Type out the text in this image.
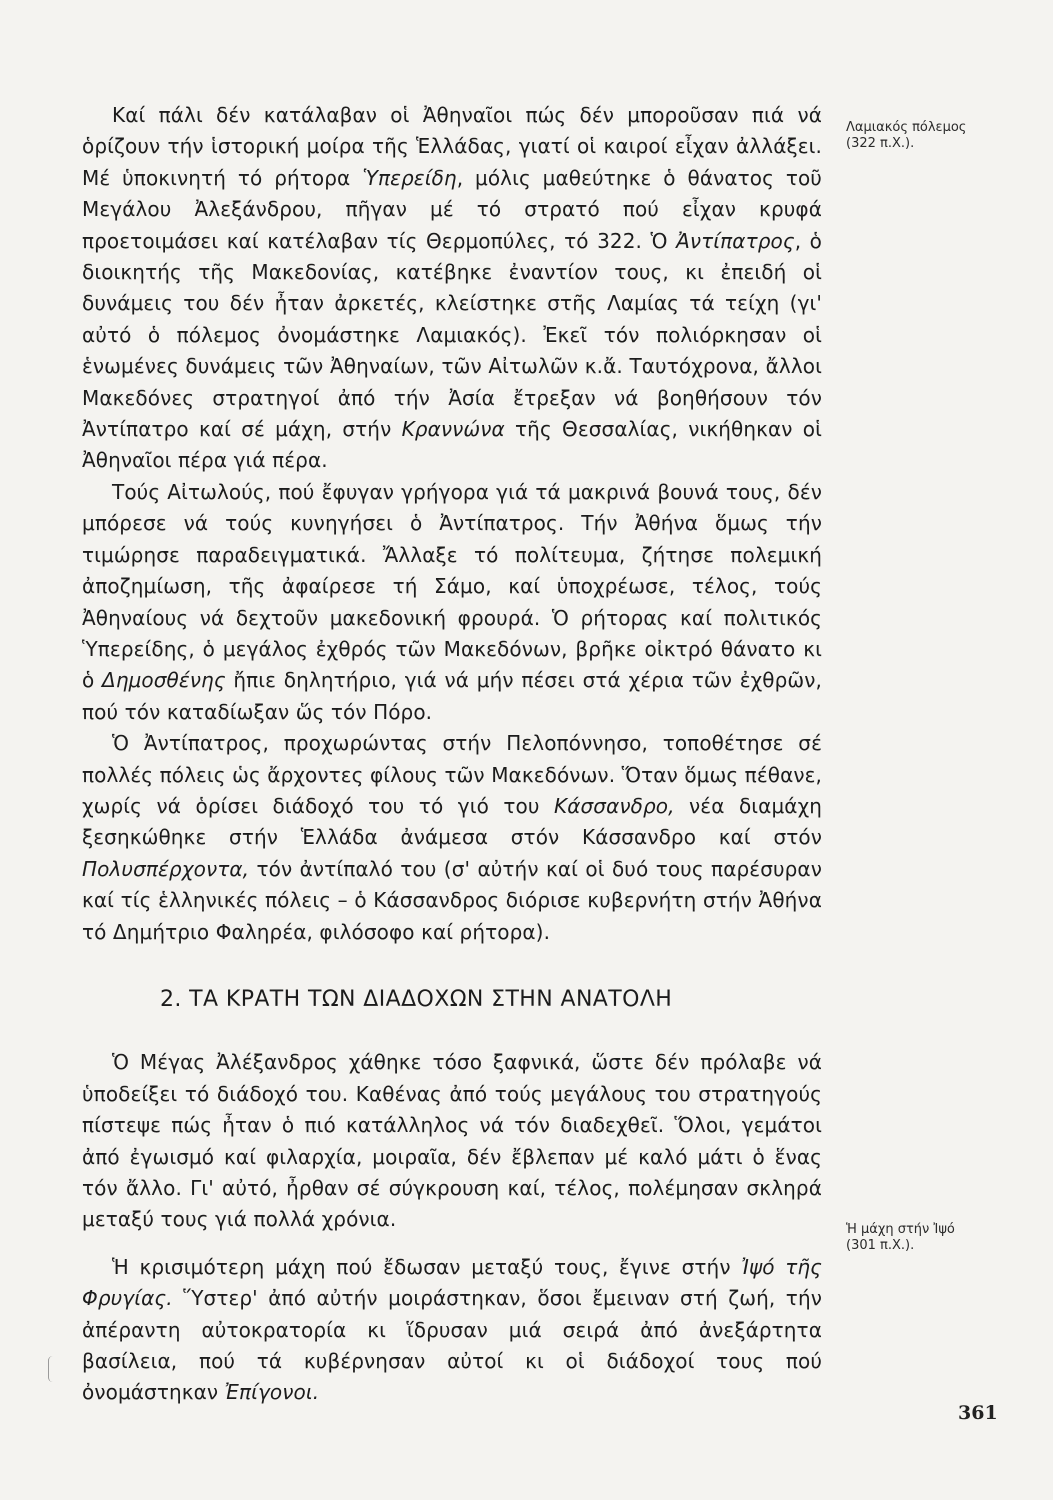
Καί πάλι δέν κατάλαβαν οἱ Ἀθηναῖοι πώς δέν μποροῦσαν πιά νά ὁρίζουν τήν ἱστορική μοίρα τῆς Ἑλλάδας, γιατί οἱ καιροί εἶχαν ἀλλάξει. Μέ ὑποκινητή τό ρήτορα Ὑπερείδη, μόλις μαθεύτηκε ὁ θάνατος τοῦ Μεγάλου Ἀλεξάνδρου, πῆγαν μέ τό στρατό πού εἶχαν κρυφά προετοιμάσει καί κατέλαβαν τίς Θερμοπύλες, τό 322. Ὁ Ἀντίπατρος, ὁ διοικητής τῆς Μακεδονίας, κατέβηκε ἐναντίον τους, κι ἐπειδή οἱ δυνάμεις του δέν ἦταν ἀρκετές, κλείστηκε στῆς Λαμίας τά τείχη (γι' αὐτό ὁ πόλεμος ὀνομάστηκε Λαμιακός). Ἐκεῖ τόν πολιόρκησαν οἱ ἑνωμένες δυνάμεις τῶν Ἀθηναίων, τῶν Αἰτωλῶν κ.ἄ. Ταυτόχρονα, ἄλλοι Μακεδόνες στρατηγοί ἀπό τήν Ἀσία ἔτρεξαν νά βοηθήσουν τόν Ἀντίπατρο καί σέ μάχη, στήν Κραννώνα τῆς Θεσσαλίας, νικήθηκαν οἱ Ἀθηναῖοι πέρα γιά πέρα.

Τούς Αἰτωλούς, πού ἔφυγαν γρήγορα γιά τά μακρινά βουνά τους, δέν μπόρεσε νά τούς κυνηγήσει ὁ Ἀντίπατρος. Τήν Ἀθήνα ὅμως τήν τιμώρησε παραδειγματικά. Ἄλλαξε τό πολίτευμα, ζήτησε πολεμική ἀποζημίωση, τῆς ἀφαίρεσε τή Σάμο, καί ὑποχρέωσε, τέλος, τούς Ἀθηναίους νά δεχτοῦν μακεδονική φρουρά. Ὁ ρήτορας καί πολιτικός Ὑπερείδης, ὁ μεγάλος ἐχθρός τῶν Μακεδόνων, βρῆκε οἰκτρό θάνατο κι ὁ Δημοσθένης ἤπιε δηλητήριο, γιά νά μήν πέσει στά χέρια τῶν ἐχθρῶν, πού τόν καταδίωξαν ὥς τόν Πόρο.

Ὁ Ἀντίπατρος, προχωρώντας στήν Πελοπόννησο, τοποθέτησε σέ πολλές πόλεις ὡς ἄρχοντες φίλους τῶν Μακεδόνων. Ὅταν ὅμως πέθανε, χωρίς νά ὁρίσει διάδοχό του τό γιό του Κάσσανδρο, νέα διαμάχη ξεσηκώθηκε στήν Ἑλλάδα ἀνάμεσα στόν Κάσσανδρο καί στόν Πολυσπέρχοντα, τόν ἀντίπαλό του (σ' αὐτήν καί οἱ δυό τους παρέσυραν καί τίς ἑλληνικές πόλεις – ὁ Κάσσανδρος διόρισε κυβερνήτη στήν Ἀθήνα τό Δημήτριο Φαληρέα, φιλόσοφο καί ρήτορα).

2. ΤΑ ΚΡΑΤΗ ΤΩΝ ΔΙΑΔΟΧΩΝ ΣΤΗΝ ΑΝΑΤΟΛΗ

Ὁ Μέγας Ἀλέξανδρος χάθηκε τόσο ξαφνικά, ὥστε δέν πρόλαβε νά ὑποδείξει τό διάδοχό του. Καθένας ἀπό τούς μεγάλους του στρατηγούς πίστεψε πώς ἦταν ὁ πιό κατάλληλος νά τόν διαδεχθεῖ. Ὅλοι, γεμάτοι ἀπό ἐγωισμό καί φιλαρχία, μοιραῖα, δέν ἔβλεπαν μέ καλό μάτι ὁ ἕνας τόν ἄλλο. Γι' αὐτό, ἦρθαν σέ σύγκρουση καί, τέλος, πολέμησαν σκληρά μεταξύ τους γιά πολλά χρόνια.

Ἡ κρισιμότερη μάχη πού ἔδωσαν μεταξύ τους, ἔγινε στήν Ἰψό τῆς Φρυγίας. Ὕστερ' ἀπό αὐτήν μοιράστηκαν, ὅσοι ἔμειναν στή ζωή, τήν ἀπέραντη αὐτοκρατορία κι ἵδρυσαν μιά σειρά ἀπό ἀνεξάρτητα βασίλεια, πού τά κυβέρνησαν αὐτοί κι οἱ διάδοχοί τους πού ὀνομάστηκαν Ἐπίγονοι.

Λαμιακός πόλεμος
(322 π.Χ.).
Ἡ μάχη στήν Ἰψό
(301 π.Χ.).
361
